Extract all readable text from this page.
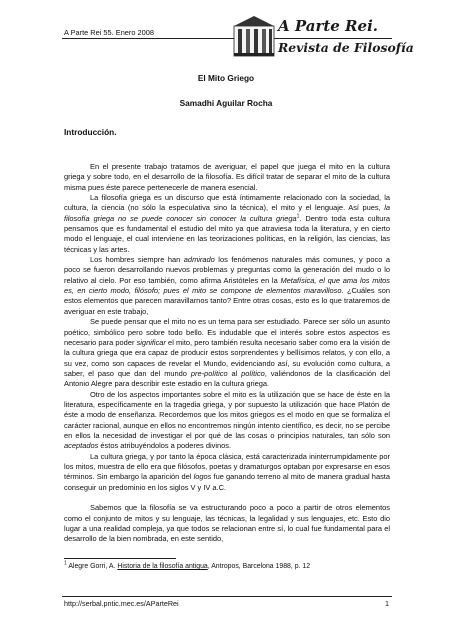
A Parte Rei 55. Enero 2008	A Parte Rei.
Revista de Filosofía
El Mito Griego
Samadhi Aguilar Rocha
Introducción.

En el presente trabajo tratamos de averiguar, el papel que juega el mito en la cultura griega y sobre todo, en el desarrollo de la filosofía. Es difícil tratar de separar el mito de la cultura misma pues éste parece pertenecerle de manera esencial.

La filosofía griega es un discurso que está íntimamente relacionado con la sociedad, la cultura, la ciencia (no sólo la especulativa sino la técnica), el mito y el lenguaje. Así pues, la filosofía griega no se puede conocer sin conocer la cultura griega$^1$. Dentro toda esta cultura pensamos que es fundamental el estudio del mito ya que atraviesa toda la literatura, y en cierto modo el lenguaje, el cual interviene en las teorizaciones políticas, en la religión, las ciencias, las técnicas y las artes.

Los hombres siempre han admirado los fenómenos naturales más comunes, y poco a poco se fueron desarrollando nuevos problemas y preguntas como la generación del mudo o lo relativo al cielo. Por eso también, como afirma Aristóteles en la Metafísica, el que ama los mitos es, en cierto modo, filósofo; pues el mito se compone de elementos maravilloso. ¿Cuáles son estos elementos que parecen maravillarnos tanto? Entre otras cosas, esto es lo que trataremos de averiguar en este trabajo,

Se puede pensar que el mito no es un tema para ser estudiado. Parece ser sólo un asunto poético, simbólico pero sobre todo bello. Es indudable que el interés sobre estos aspectos es necesario para poder significar el mito, pero también resulta necesario saber como era la visión de la cultura griega que era capaz de producir estos sorprendentes y bellísimos relatos, y con ello, a su vez, como son capaces de revelar el Mundo, evidenciando así, su evolución como cultura, a saber, el paso que dan del mundo pre-político al político, valiéndonos de la clasificación del Antonio Alegre para describir este estadio en la cultura griega.

Otro de los aspectos importantes sobre el mito es la utilización que se hace de éste en la literatura, específicamente en la tragedia griega, y por supuesto la utilización que hace Platón de éste a modo de enseñanza. Recordemos que los mitos griegos es el modo en que se formaliza el carácter racional, aunque en ellos no encontremos ningún intento científico, es decir, no se percibe en ellos la necesidad de investigar el por qué de las cosas o principios naturales, tan sólo son aceptados éstos atribuyéndolos a poderes divinos.

La cultura griega, y por tanto la época clásica, está caracterizada ininterrumpidamente por los mitos, muestra de ello era que filósofos, poetas y dramaturgos optaban por expresarse en esos términos. Sin embargo la aparición del logos fue ganando terreno al mito de manera gradual hasta conseguir un predominio en los siglos V y IV a.C.

Sabemos que la filosofía se va estructurando poco a poco a partir de otros elementos como el conjunto de mitos y su lenguaje, las técnicas, la legalidad y sus lenguajes, etc. Esto dio lugar a una realidad compleja, ya que todos se relacionan entre sí, lo cual fue fundamental para el desarrollo de la bien nombrada, en este sentido,

$^1$ Alegre Gorri, A. Historia de la filosofía antigua, Antropos, Barcelona 1988, p. 12
http://serbal.pntic.mec.es/AParteRei	1
